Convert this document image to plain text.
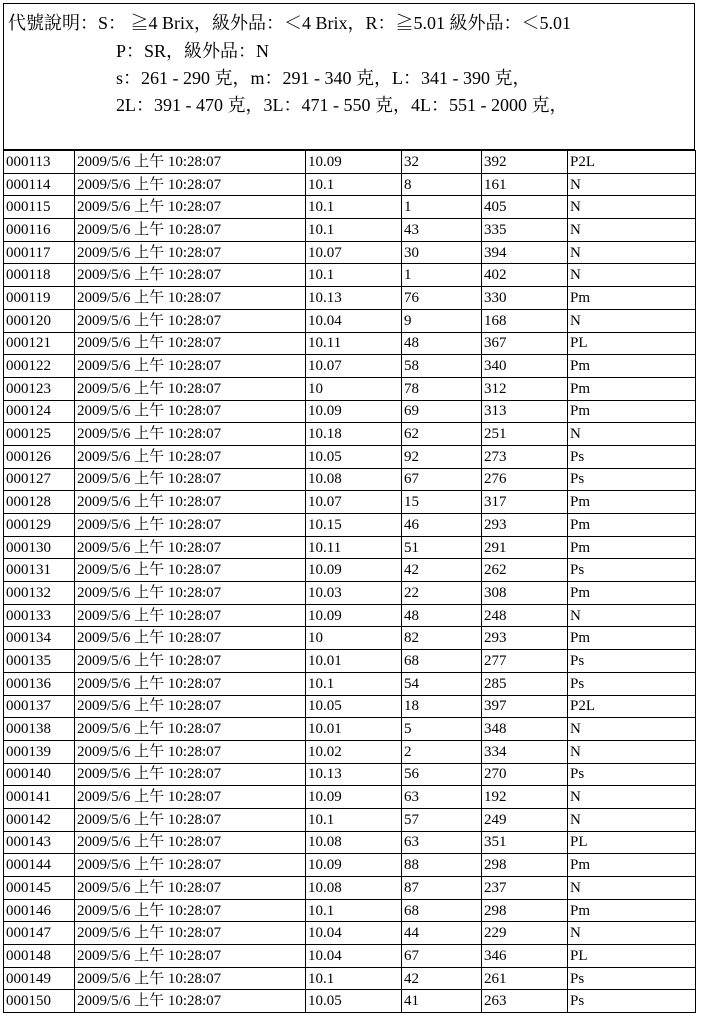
代號說明：S： ≧4 Brix，級外品：＜4 Brix，R：≧5.01 級外品：＜5.01
P：SR，級外品：N
s：261 - 290 克，m：291 - 340 克，L：341 - 390 克，
2L：391 - 470 克，3L：471 - 550 克，4L：551 - 2000 克，
000113	2009/5/6 上午 10:28:07	10.09	32	392	P2L
000114	2009/5/6 上午 10:28:07	10.1	8	161	N
000115	2009/5/6 上午 10:28:07	10.1	1	405	N
000116	2009/5/6 上午 10:28:07	10.1	43	335	N
000117	2009/5/6 上午 10:28:07	10.07	30	394	N
000118	2009/5/6 上午 10:28:07	10.1	1	402	N
000119	2009/5/6 上午 10:28:07	10.13	76	330	Pm
000120	2009/5/6 上午 10:28:07	10.04	9	168	N
000121	2009/5/6 上午 10:28:07	10.11	48	367	PL
000122	2009/5/6 上午 10:28:07	10.07	58	340	Pm
000123	2009/5/6 上午 10:28:07	10	78	312	Pm
000124	2009/5/6 上午 10:28:07	10.09	69	313	Pm
000125	2009/5/6 上午 10:28:07	10.18	62	251	N
000126	2009/5/6 上午 10:28:07	10.05	92	273	Ps
000127	2009/5/6 上午 10:28:07	10.08	67	276	Ps
000128	2009/5/6 上午 10:28:07	10.07	15	317	Pm
000129	2009/5/6 上午 10:28:07	10.15	46	293	Pm
000130	2009/5/6 上午 10:28:07	10.11	51	291	Pm
000131	2009/5/6 上午 10:28:07	10.09	42	262	Ps
000132	2009/5/6 上午 10:28:07	10.03	22	308	Pm
000133	2009/5/6 上午 10:28:07	10.09	48	248	N
000134	2009/5/6 上午 10:28:07	10	82	293	Pm
000135	2009/5/6 上午 10:28:07	10.01	68	277	Ps
000136	2009/5/6 上午 10:28:07	10.1	54	285	Ps
000137	2009/5/6 上午 10:28:07	10.05	18	397	P2L
000138	2009/5/6 上午 10:28:07	10.01	5	348	N
000139	2009/5/6 上午 10:28:07	10.02	2	334	N
000140	2009/5/6 上午 10:28:07	10.13	56	270	Ps
000141	2009/5/6 上午 10:28:07	10.09	63	192	N
000142	2009/5/6 上午 10:28:07	10.1	57	249	N
000143	2009/5/6 上午 10:28:07	10.08	63	351	PL
000144	2009/5/6 上午 10:28:07	10.09	88	298	Pm
000145	2009/5/6 上午 10:28:07	10.08	87	237	N
000146	2009/5/6 上午 10:28:07	10.1	68	298	Pm
000147	2009/5/6 上午 10:28:07	10.04	44	229	N
000148	2009/5/6 上午 10:28:07	10.04	67	346	PL
000149	2009/5/6 上午 10:28:07	10.1	42	261	Ps
000150	2009/5/6 上午 10:28:07	10.05	41	263	Ps
